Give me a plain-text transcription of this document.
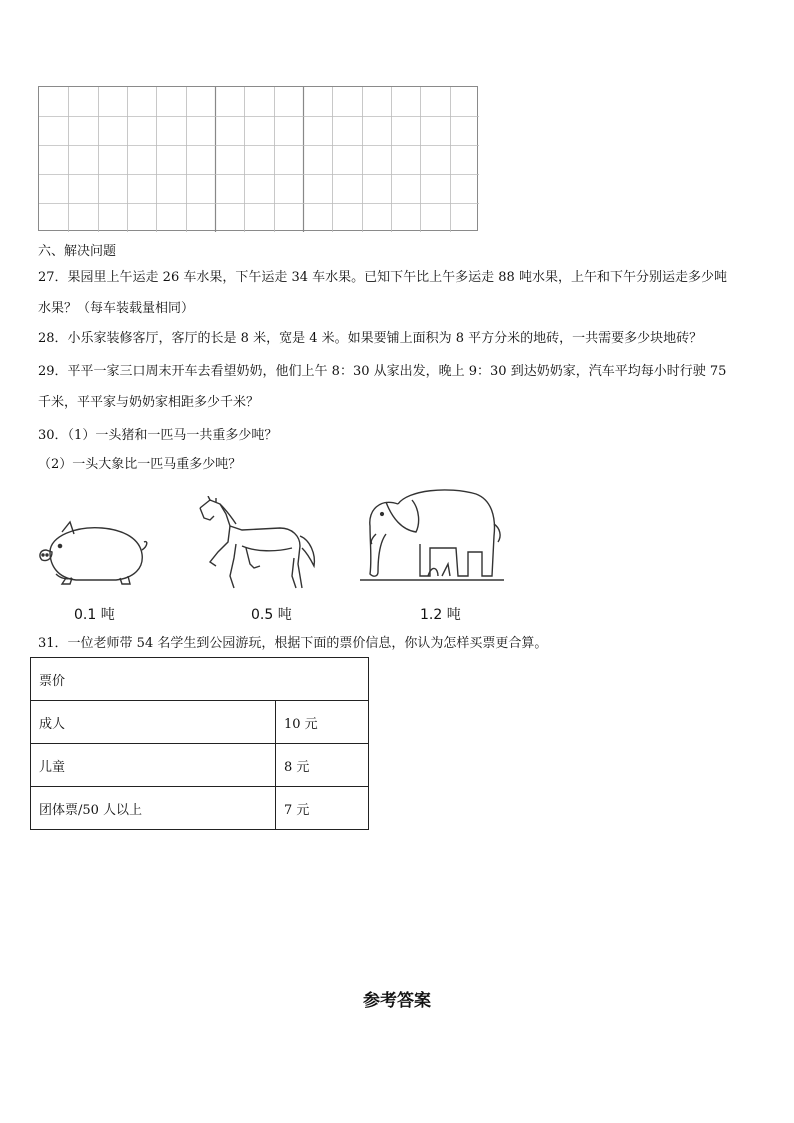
六、解决问题
27．果园里上午运走 26 车水果，下午运走 34 车水果。已知下午比上午多运走 88 吨水果，上午和下午分别运走多少吨
水果？（每车装载量相同）
28．小乐家装修客厅，客厅的长是 8 米，宽是 4 米。如果要铺上面积为 8 平方分米的地砖，一共需要多少块地砖？
29．平平一家三口周末开车去看望奶奶，他们上午 8：30 从家出发，晚上 9：30 到达奶奶家，汽车平均每小时行驶 75
千米，平平家与奶奶家相距多少千米？
30．（1）一头猪和一匹马一共重多少吨？
（2）一头大象比一匹马重多少吨？
0.1 吨	0.5 吨	1.2 吨
31．一位老师带 54 名学生到公园游玩，根据下面的票价信息，你认为怎样买票更合算。
票价	
成人	10 元
儿童	8 元
团体票/50 人以上	7 元
参考答案
